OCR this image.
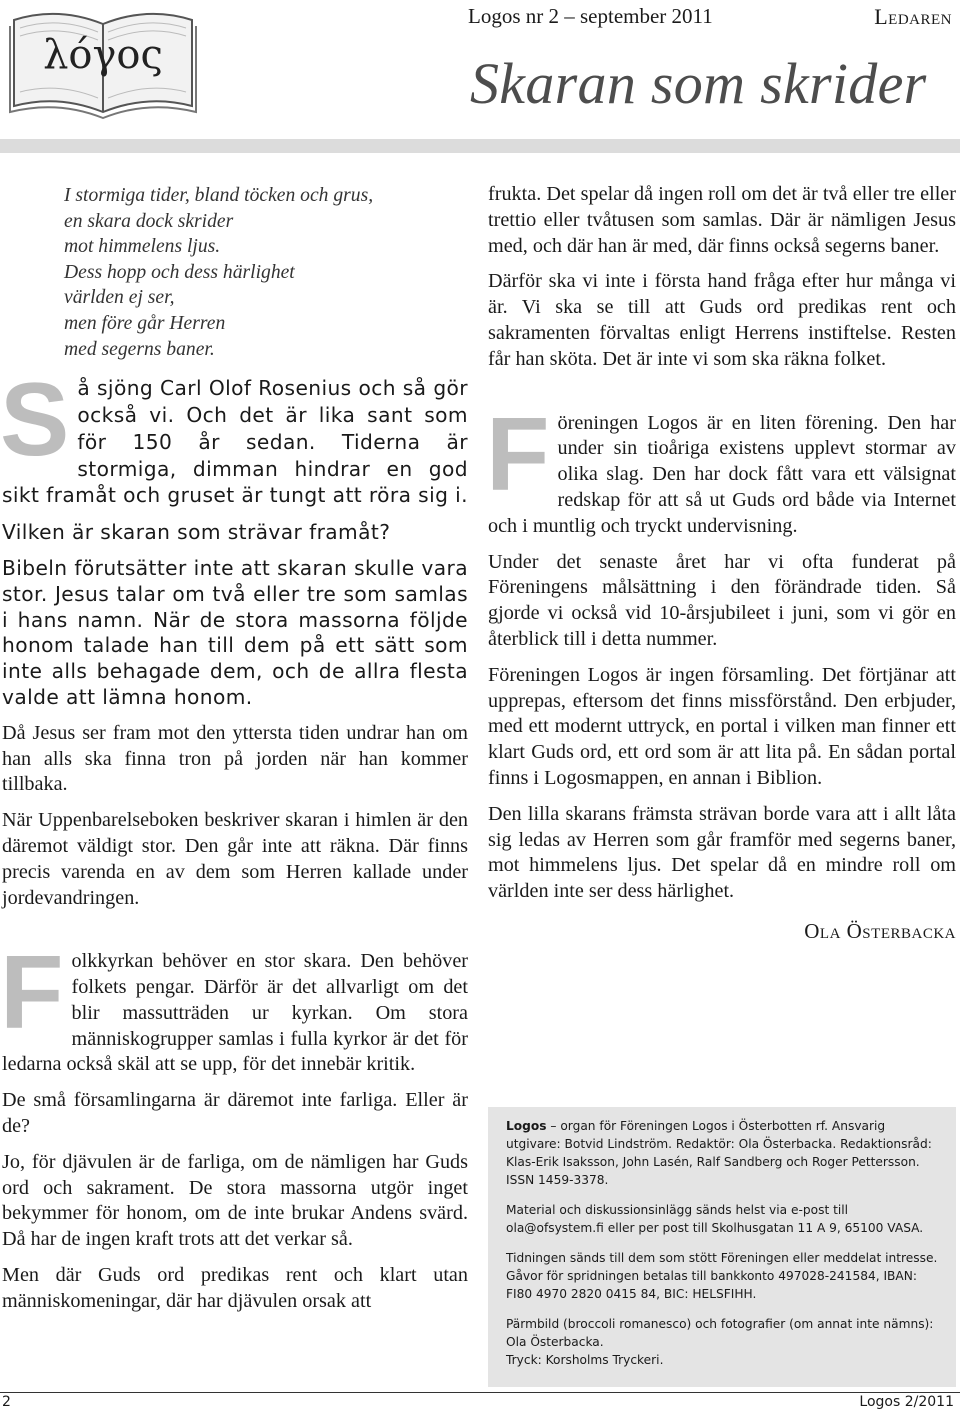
λόγος
Logos nr 2 – september 2011	Ledaren
Skaran som skrider
I stormiga tider, bland töcken och grus,
en skara dock skrider
mot himmelens ljus.
Dess hopp och dess härlighet
världen ej ser,
men före går Herren
med segerns baner.

Så sjöng Carl Olof Rosenius och så gör också vi. Och det är lika sant som för 150 år sedan. Tiderna är stormiga, dimman hindrar en god sikt framåt och gruset är tungt att röra sig i.

Vilken är skaran som strävar framåt?

Bibeln förutsätter inte att skaran skulle vara stor. Jesus talar om två eller tre som samlas i hans namn. När de stora massorna följde honom talade han till dem på ett sätt som inte alls behagade dem, och de allra flesta valde att lämna honom.

Då Jesus ser fram mot den yttersta tiden undrar han om han alls ska finna tron på jorden när han kommer tillbaka.

När Uppenbarelseboken beskriver skaran i himlen är den däremot väldigt stor. Den går inte att räkna. Där finns precis varenda en av dem som Herren kallade under jordevandringen.

Folkkyrkan behöver en stor skara. Den behöver folkets pengar. Därför är det allvarligt om det blir massutträden ur kyrkan. Om stora människogrupper samlas i fulla kyrkor är det för ledarna också skäl att se upp, för det innebär kritik.

De små församlingarna är däremot inte farliga. Eller är de?

Jo, för djävulen är de farliga, om de nämligen har Guds ord och sakrament. De stora massorna utgör inget bekymmer för honom, om de inte brukar Andens svärd. Då har de ingen kraft trots att det verkar så.

Men där Guds ord predikas rent och klart utan människomeningar, där har djävulen orsak att

frukta. Det spelar då ingen roll om det är två eller tre eller trettio eller tvåtusen som samlas. Där är nämligen Jesus med, och där han är med, där finns också segerns baner.

Därför ska vi inte i första hand fråga efter hur många vi är. Vi ska se till att Guds ord predikas rent och sakramenten förvaltas enligt Herrens instiftelse. Resten får han sköta. Det är inte vi som ska räkna folket.

Föreningen Logos är en liten förening. Den har under sin tioåriga existens upplevt stormar av olika slag. Den har dock fått vara ett välsignat redskap för att så ut Guds ord både via Internet och i muntlig och tryckt undervisning.

Under det senaste året har vi ofta funderat på Föreningens målsättning i den förändrade tiden. Så gjorde vi också vid 10-årsjubileet i juni, som vi gör en återblick till i detta nummer.

Föreningen Logos är ingen församling. Det förtjänar att upprepas, eftersom det finns missförstånd. Den erbjuder, med ett modernt uttryck, en portal i vilken man finner ett klart Guds ord, ett ord som är att lita på. En sådan portal finns i Logosmappen, en annan i Biblion.

Den lilla skarans främsta strävan borde vara att i allt låta sig ledas av Herren som går framför med segerns baner, mot himmelens ljus. Det spelar då en mindre roll om världen inte ser dess härlighet.

Ola Österbacka

Logos – organ för Föreningen Logos i Österbotten rf. Ansvarig utgivare: Botvid Lindström. Redaktör: Ola Österbacka. Redaktionsråd: Klas-Erik Isaksson, John Lasén, Ralf Sandberg och Roger Pettersson. ISSN 1459-3378.

Material och diskussionsinlägg sänds helst via e-post till ola@ofsystem.fi eller per post till Skolhusgatan 11 A 9, 65100 VASA.

Tidningen sänds till dem som stött Föreningen eller meddelat intresse. Gåvor för spridningen betalas till bankkonto 497028-241584, IBAN: FI80 4970 2820 0415 84, BIC: HELSFIHH.

Pärmbild (broccoli romanesco) och fotografier (om annat inte nämns): Ola Österbacka.
Tryck: Korsholms Tryckeri.

2	Logos 2/2011
